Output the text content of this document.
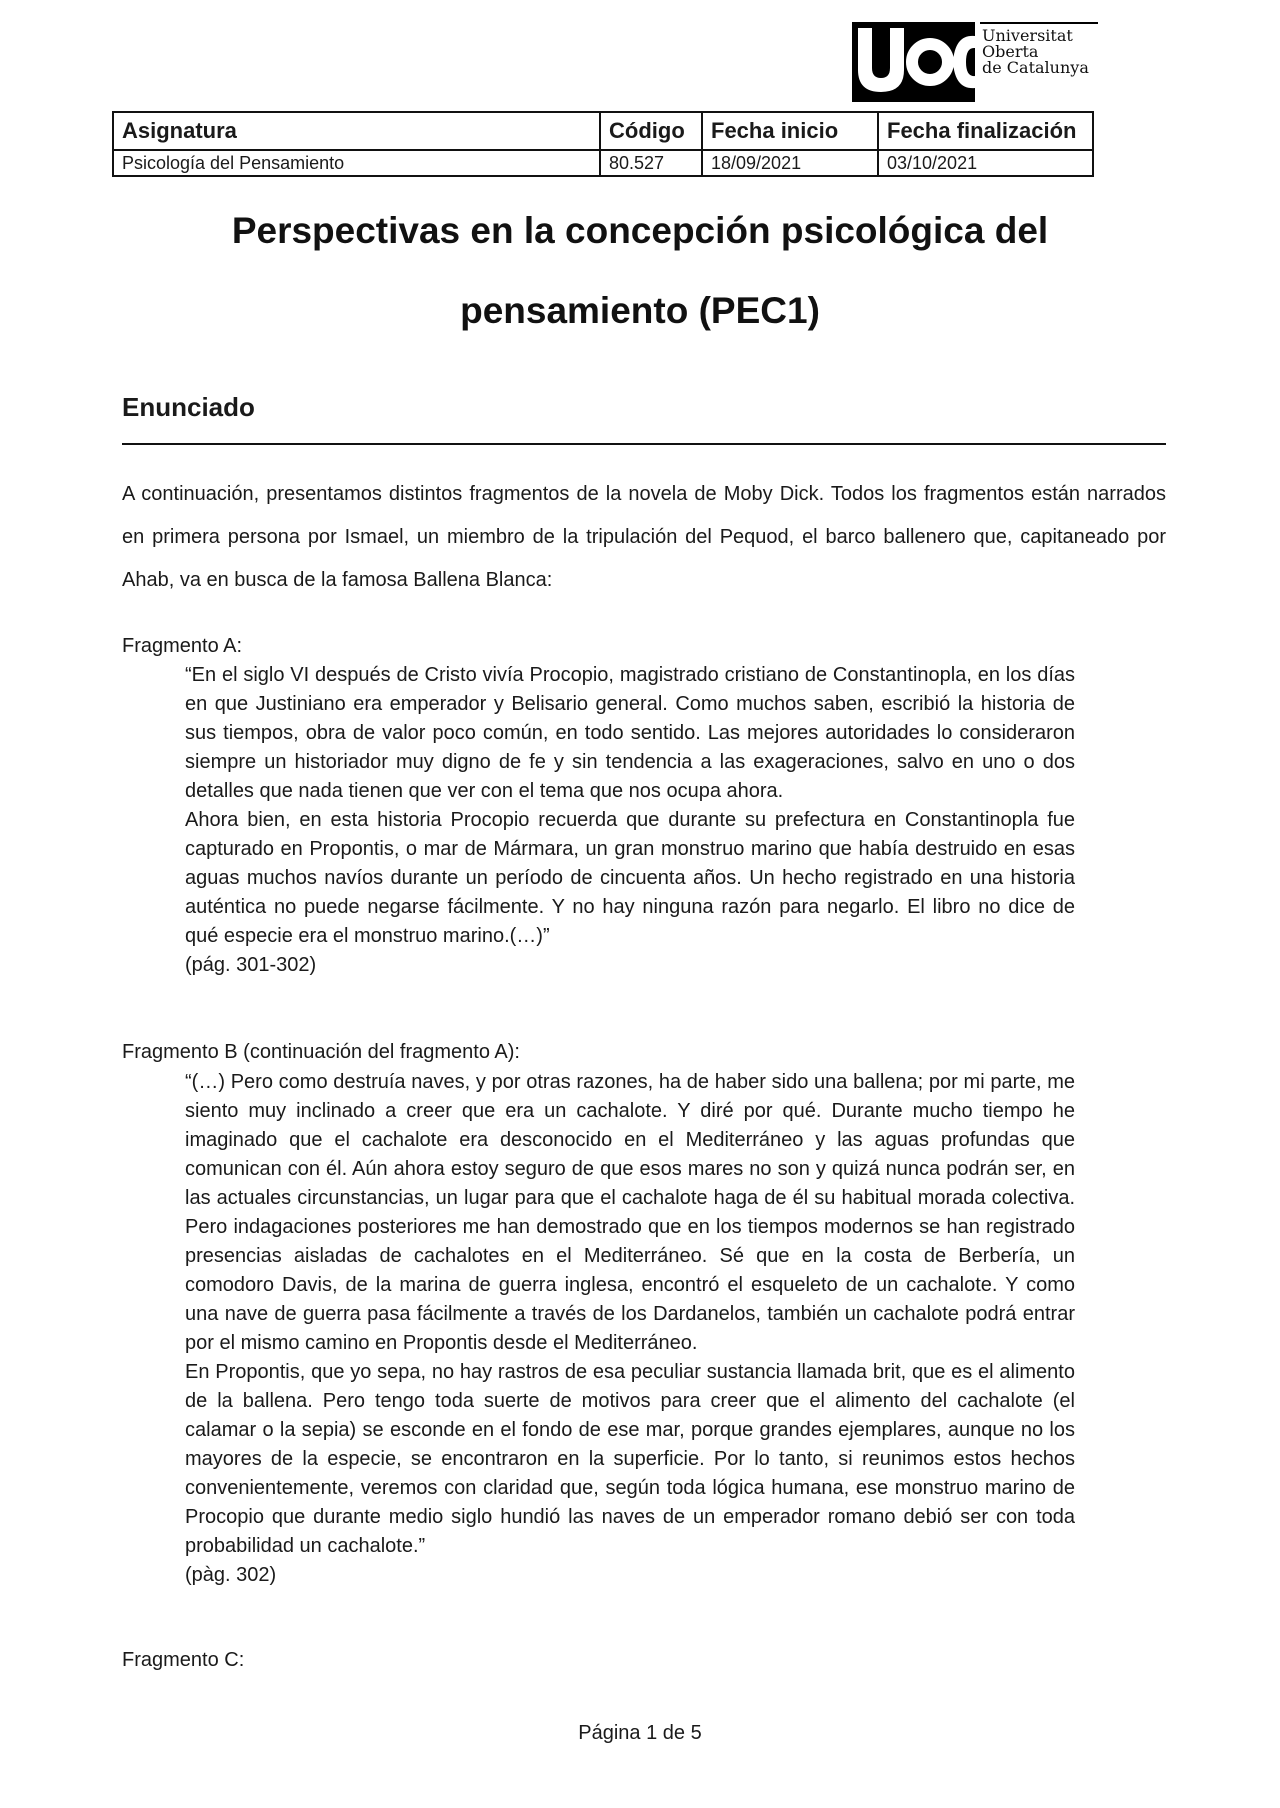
Universitat
Oberta
de Catalunya
Asignatura	Código	Fecha inicio	Fecha finalización
Psicología del Pensamiento	80.527	18/09/2021	03/10/2021
Perspectivas en la concepción psicológica del
pensamiento (PEC1)
Enunciado
A continuación, presentamos distintos fragmentos de la novela de Moby Dick. Todos los fragmentos están narrados en primera persona por Ismael, un miembro de la tripulación del Pequod, el barco ballenero que, capitaneado por Ahab, va en busca de la famosa Ballena Blanca:
Fragmento A:

“En el siglo VI después de Cristo vivía Procopio, magistrado cristiano de Constantinopla, en los días en que Justiniano era emperador y Belisario general. Como muchos saben, escribió la historia de sus tiempos, obra de valor poco común, en todo sentido. Las mejores autoridades lo consideraron siempre un historiador muy digno de fe y sin tendencia a las exageraciones, salvo en uno o dos detalles que nada tienen que ver con el tema que nos ocupa ahora.

Ahora bien, en esta historia Procopio recuerda que durante su prefectura en Constantinopla fue capturado en Propontis, o mar de Mármara, un gran monstruo marino que había destruido en esas aguas muchos navíos durante un período de cincuenta años. Un hecho registrado en una historia auténtica no puede negarse fácilmente. Y no hay ninguna razón para negarlo. El libro no dice de qué especie era el monstruo marino.(…)”

(pág. 301-302)

Fragmento B (continuación del fragmento A):

“(…) Pero como destruía naves, y por otras razones, ha de haber sido una ballena; por mi parte, me siento muy inclinado a creer que era un cachalote. Y diré por qué. Durante mucho tiempo he imaginado que el cachalote era desconocido en el Mediterráneo y las aguas profundas que comunican con él. Aún ahora estoy seguro de que esos mares no son y quizá nunca podrán ser, en las actuales circunstancias, un lugar para que el cachalote haga de él su habitual morada colectiva. Pero indagaciones posteriores me han demostrado que en los tiempos modernos se han registrado presencias aisladas de cachalotes en el Mediterráneo. Sé que en la costa de Berbería, un comodoro Davis, de la marina de guerra inglesa, encontró el esqueleto de un cachalote. Y como una nave de guerra pasa fácilmente a través de los Dardanelos, también un cachalote podrá entrar por el mismo camino en Propontis desde el Mediterráneo.

En Propontis, que yo sepa, no hay rastros de esa peculiar sustancia llamada brit, que es el alimento de la ballena. Pero tengo toda suerte de motivos para creer que el alimento del cachalote (el calamar o la sepia) se esconde en el fondo de ese mar, porque grandes ejemplares, aunque no los mayores de la especie, se encontraron en la superficie. Por lo tanto, si reunimos estos hechos convenientemente, veremos con claridad que, según toda lógica humana, ese monstruo marino de Procopio que durante medio siglo hundió las naves de un emperador romano debió ser con toda probabilidad un cachalote.”

(pàg. 302)

Fragmento C:
Página 1 de 5
